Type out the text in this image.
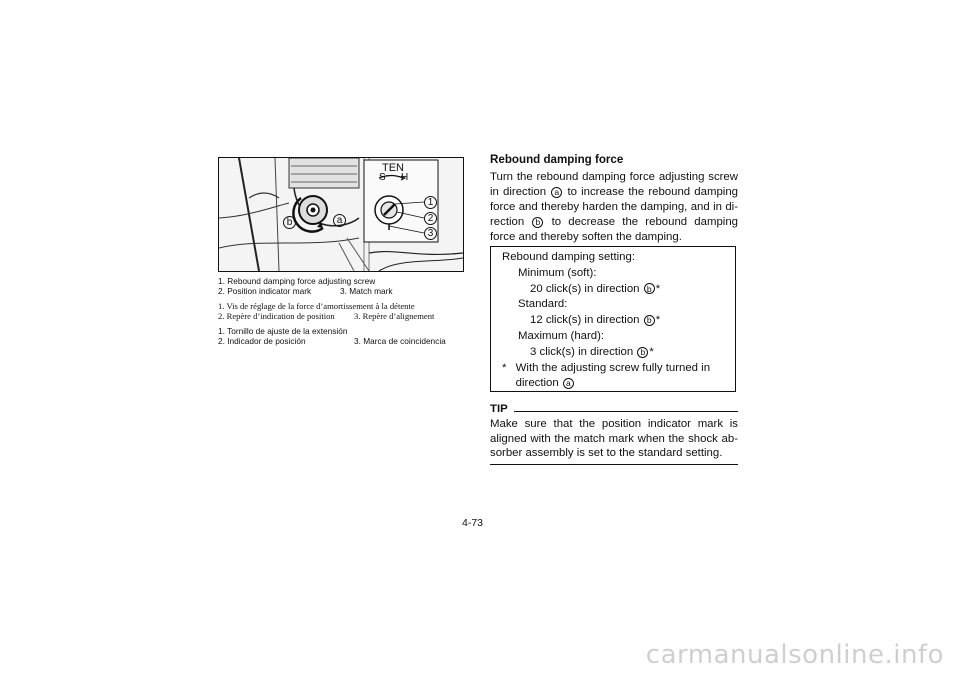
TEN
S H
a
b
1
2
3
1. Rebound damping force adjusting screw
2. Position indicator mark	3. Match mark
1. Vis de réglage de la force d’amortissement à la détente
2. Repère d’indication de position	3. Repère d’alignement
1. Tornillo de ajuste de la extensión
2. Indicador de posición	3. Marca de coincidencia

Rebound damping force

Turn the rebound damping force adjusting screw in direction a to increase the rebound damping force and thereby harden the damping, and in di-rection b to decrease the rebound damping force and thereby soften the damping.

Rebound damping setting:
Minimum (soft):
20 click(s) in direction b *
Standard:
12 click(s) in direction b *
Maximum (hard):
3 click(s) in direction b *
* With the adjusting screw fully turned in direction a
TIP

Make sure that the position indicator mark is aligned with the match mark when the shock ab-sorber assembly is set to the standard setting.

4-73
carmanualsonline.info
